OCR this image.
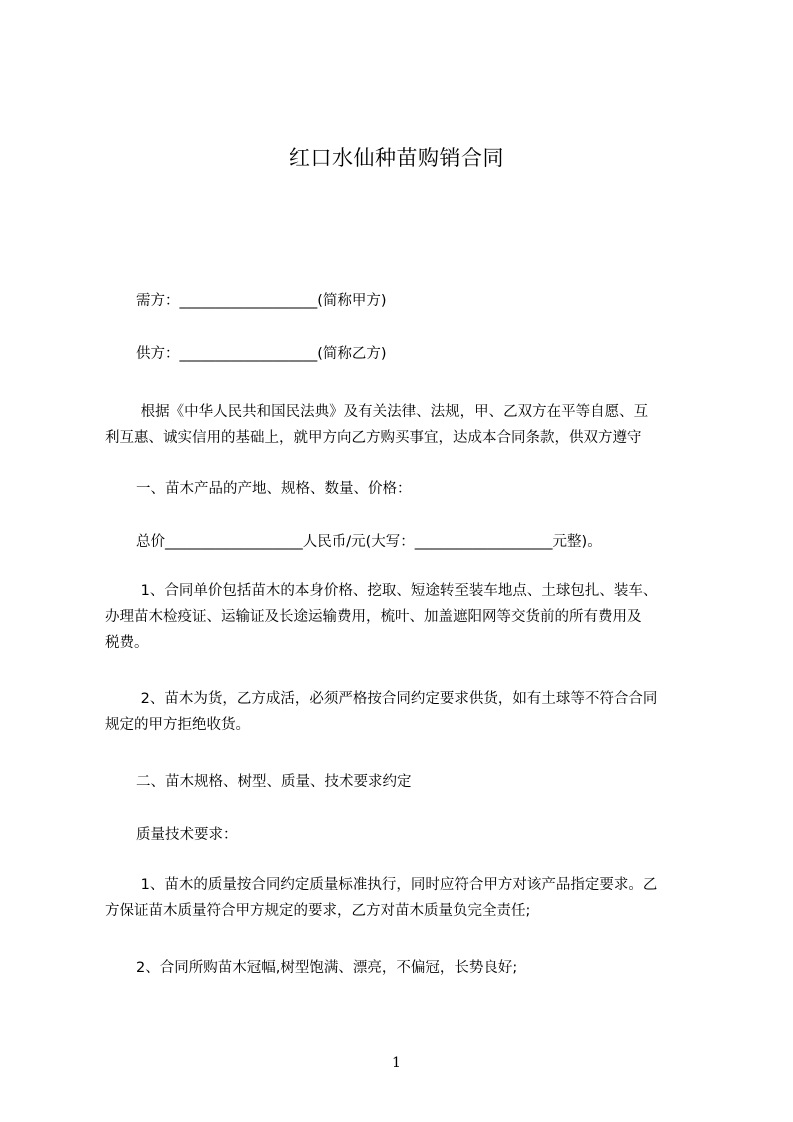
红口水仙种苗购销合同
需方：___________________(简称甲方)
供方：___________________(简称乙方)
根据《中华人民共和国民法典》及有关法律、法规，甲、乙双方在平等自愿、互
利互惠、诚实信用的基础上，就甲方向乙方购买事宜，达成本合同条款，供双方遵守
一、苗木产品的产地、规格、数量、价格：
总价___________________人民币/元(大写：___________________元整)。
1、合同单价包括苗木的本身价格、挖取、短途转至装车地点、土球包扎、装车、
办理苗木检疫证、运输证及长途运输费用，梳叶、加盖遮阳网等交货前的所有费用及
税费。
2、苗木为货，乙方成活，必须严格按合同约定要求供货，如有土球等不符合合同
规定的甲方拒绝收货。
二、苗木规格、树型、质量、技术要求约定
质量技术要求：
1、苗木的质量按合同约定质量标准执行，同时应符合甲方对该产品指定要求。乙
方保证苗木质量符合甲方规定的要求，乙方对苗木质量负完全责任;
2、合同所购苗木冠幅,树型饱满、漂亮，不偏冠，长势良好;
1
